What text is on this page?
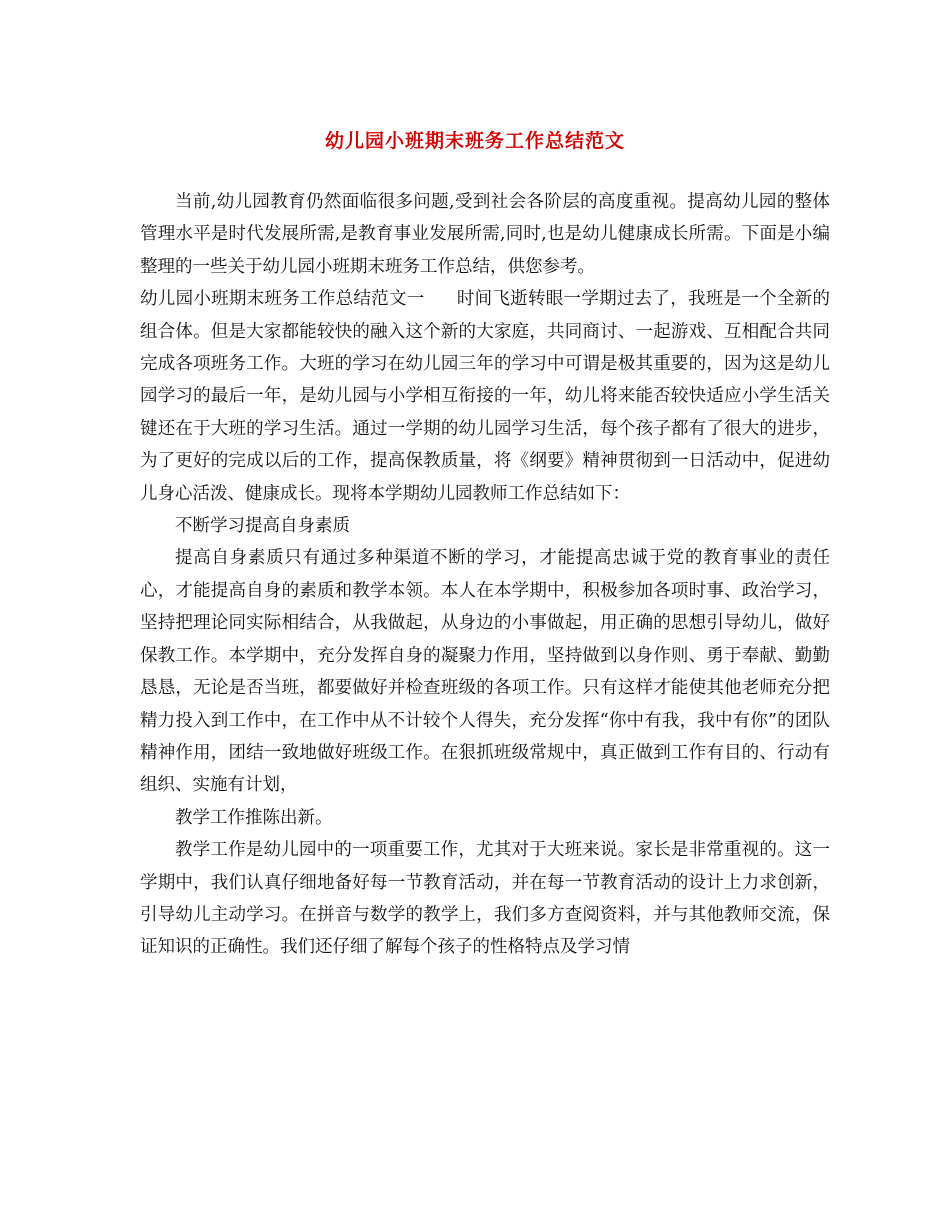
幼儿园小班期末班务工作总结范文

当前,幼儿园教育仍然面临很多问题,受到社会各阶层的高度重视。提高幼儿园的整体管理水平是时代发展所需,是教育事业发展所需,同时,也是幼儿健康成长所需。下面是小编整理的一些关于幼儿园小班期末班务工作总结，供您参考。

幼儿园小班期末班务工作总结范文一 时间飞逝转眼一学期过去了，我班是一个全新的组合体。但是大家都能较快的融入这个新的大家庭，共同商讨、一起游戏、互相配合共同完成各项班务工作。大班的学习在幼儿园三年的学习中可谓是极其重要的，因为这是幼儿园学习的最后一年，是幼儿园与小学相互衔接的一年，幼儿将来能否较快适应小学生活关键还在于大班的学习生活。通过一学期的幼儿园学习生活，每个孩子都有了很大的进步，为了更好的完成以后的工作，提高保教质量，将《纲要》精神贯彻到一日活动中，促进幼儿身心活泼、健康成长。现将本学期幼儿园教师工作总结如下：

不断学习提高自身素质

提高自身素质只有通过多种渠道不断的学习，才能提高忠诚于党的教育事业的责任心，才能提高自身的素质和教学本领。本人在本学期中，积极参加各项时事、政治学习，坚持把理论同实际相结合，从我做起，从身边的小事做起，用正确的思想引导幼儿，做好保教工作。本学期中，充分发挥自身的凝聚力作用，坚持做到以身作则、勇于奉献、勤勤恳恳，无论是否当班，都要做好并检查班级的各项工作。只有这样才能使其他老师充分把精力投入到工作中，在工作中从不计较个人得失，充分发挥“你中有我，我中有你”的团队精神作用，团结一致地做好班级工作。在狠抓班级常规中，真正做到工作有目的、行动有组织、实施有计划，

教学工作推陈出新。

教学工作是幼儿园中的一项重要工作，尤其对于大班来说。家长是非常重视的。这一学期中，我们认真仔细地备好每一节教育活动，并在每一节教育活动的设计上力求创新，引导幼儿主动学习。在拼音与数学的教学上，我们多方查阅资料，并与其他教师交流，保证知识的正确性。我们还仔细了解每个孩子的性格特点及学习情
